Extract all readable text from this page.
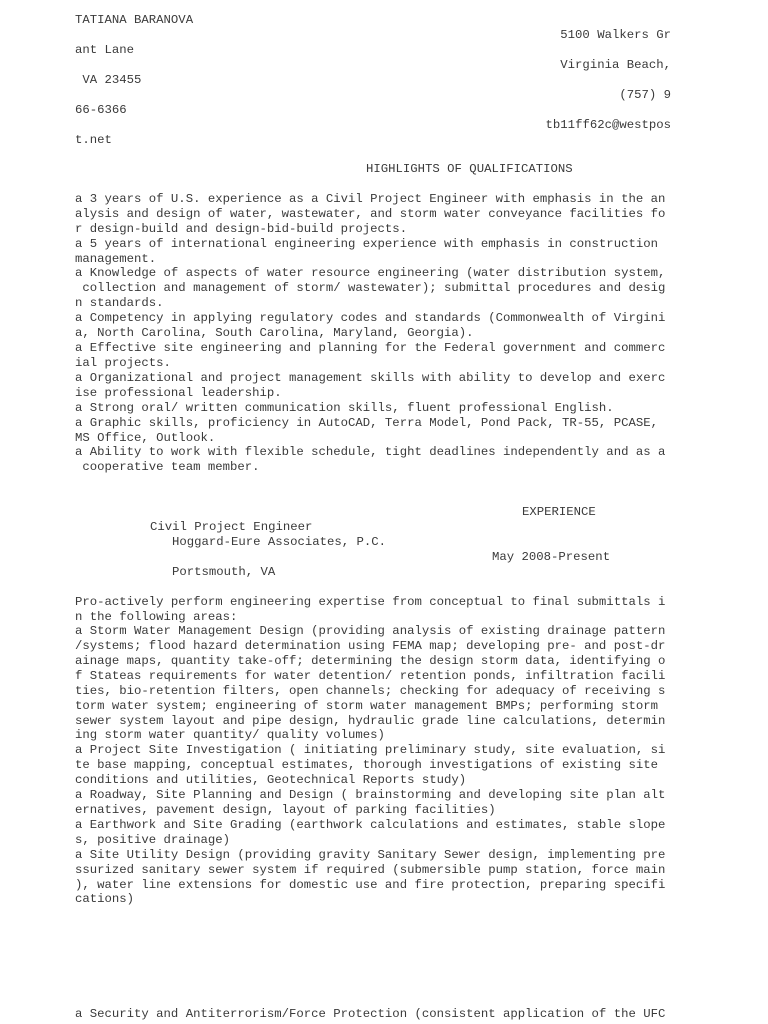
TATIANA BARANOVA

5100 Walkers Gr

ant Lane

Virginia Beach,

VA 23455

(757) 9

66-6366

tb11ff62c@westpos

t.net

HIGHLIGHTS OF QUALIFICATIONS

a 3 years of U.S. experience as a Civil Project Engineer with emphasis in the an

alysis and design of water, wastewater, and storm water conveyance facilities fo

r design-build and design-bid-build projects.

a 5 years of international engineering experience with emphasis in construction

management.

a Knowledge of aspects of water resource engineering (water distribution system,

collection and management of storm/ wastewater); submittal procedures and desig

n standards.

a Competency in applying regulatory codes and standards (Commonwealth of Virgini

a, North Carolina, South Carolina, Maryland, Georgia).

a Effective site engineering and planning for the Federal government and commerc

ial projects.

a Organizational and project management skills with ability to develop and exerc

ise professional leadership.

a Strong oral/ written communication skills, fluent professional English.

a Graphic skills, proficiency in AutoCAD, Terra Model, Pond Pack, TR-55, PCASE,

MS Office, Outlook.

a Ability to work with flexible schedule, tight deadlines independently and as a

cooperative team member.

EXPERIENCE

Civil Project Engineer

Hoggard-Eure Associates, P.C.

May 2008-Present

Portsmouth, VA

Pro-actively perform engineering expertise from conceptual to final submittals i

n the following areas:

a Storm Water Management Design (providing analysis of existing drainage pattern

/systems; flood hazard determination using FEMA map; developing pre- and post-dr

ainage maps, quantity take-off; determining the design storm data, identifying o

f Stateas requirements for water detention/ retention ponds, infiltration facili

ties, bio-retention filters, open channels; checking for adequacy of receiving s

torm water system; engineering of storm water management BMPs; performing storm

sewer system layout and pipe design, hydraulic grade line calculations, determin

ing storm water quantity/ quality volumes)

a Project Site Investigation ( initiating preliminary study, site evaluation, si

te base mapping, conceptual estimates, thorough investigations of existing site

conditions and utilities, Geotechnical Reports study)

a Roadway, Site Planning and Design ( brainstorming and developing site plan alt

ernatives, pavement design, layout of parking facilities)

a Earthwork and Site Grading (earthwork calculations and estimates, stable slope

s, positive drainage)

a Site Utility Design (providing gravity Sanitary Sewer design, implementing pre

ssurized sanitary sewer system if required (submersible pump station, force main

), water line extensions for domestic use and fire protection, preparing specifi

cations)

a Security and Antiterrorism/Force Protection (consistent application of the UFC
